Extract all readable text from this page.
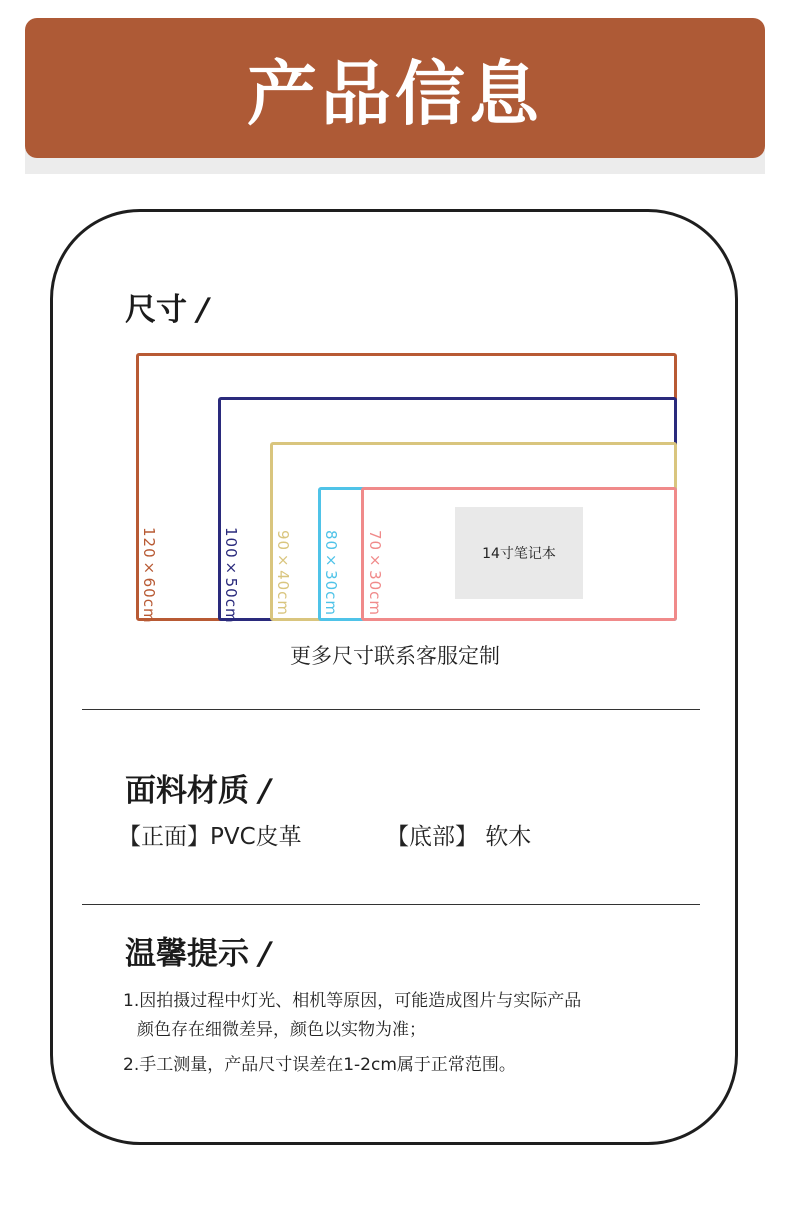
产品信息
尺寸 /
120×60cm	100×50cm 90×40cm 80×30cm 70×30cm	14寸笔记本
更多尺寸联系客服定制
面料材质 /
【正面】PVC皮革	【底部】 软木
温馨提示 /
1.因拍摄过程中灯光、相机等原因，可能造成图片与实际产品
颜色存在细微差异，颜色以实物为准；
2.手工测量，产品尺寸误差在1-2cm属于正常范围。
